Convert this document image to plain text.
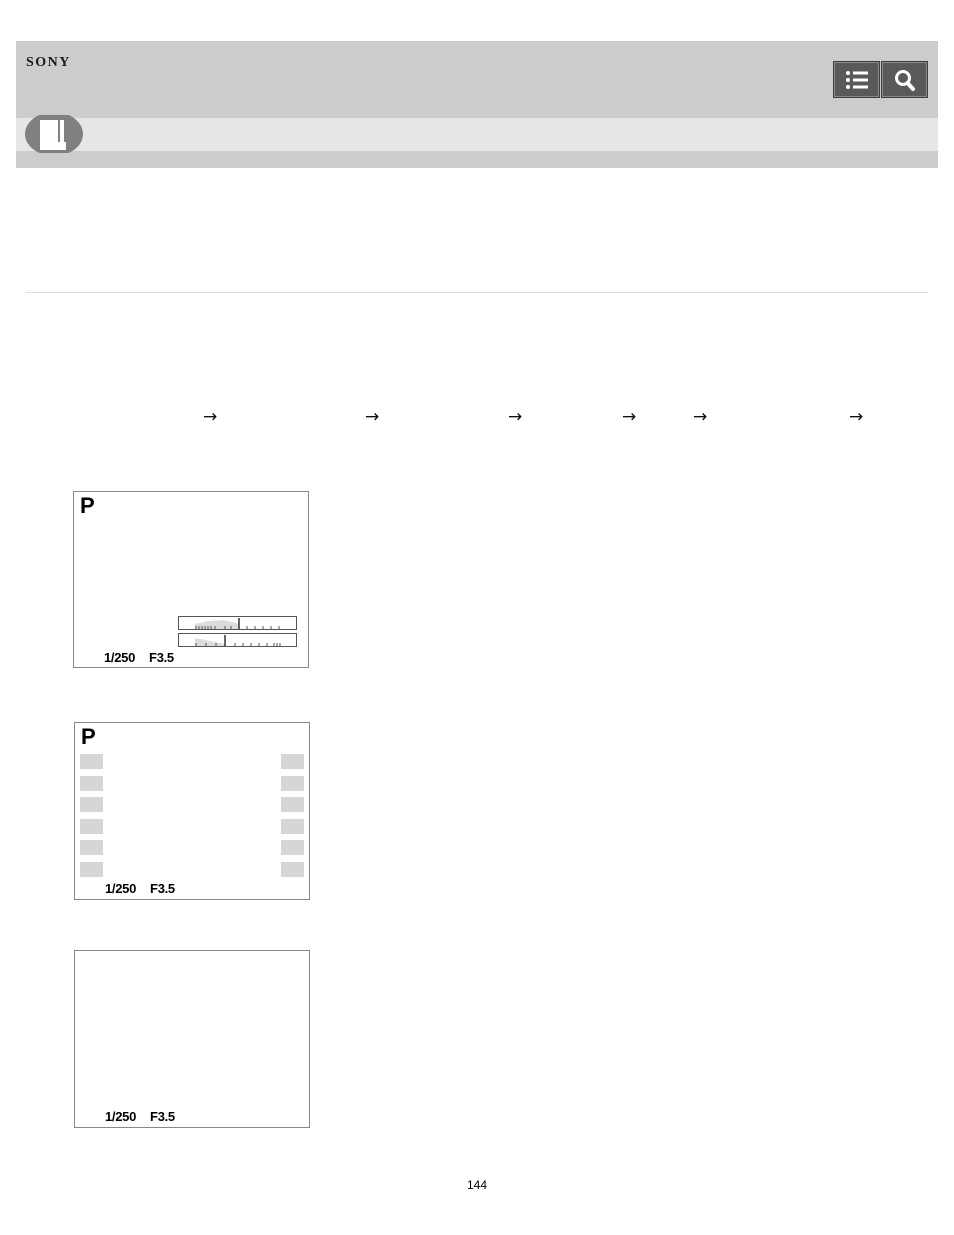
SONY
→	→	→	→	→	→
P
1/250 F3.5
P
1/250 F3.5
1/250 F3.5
144
